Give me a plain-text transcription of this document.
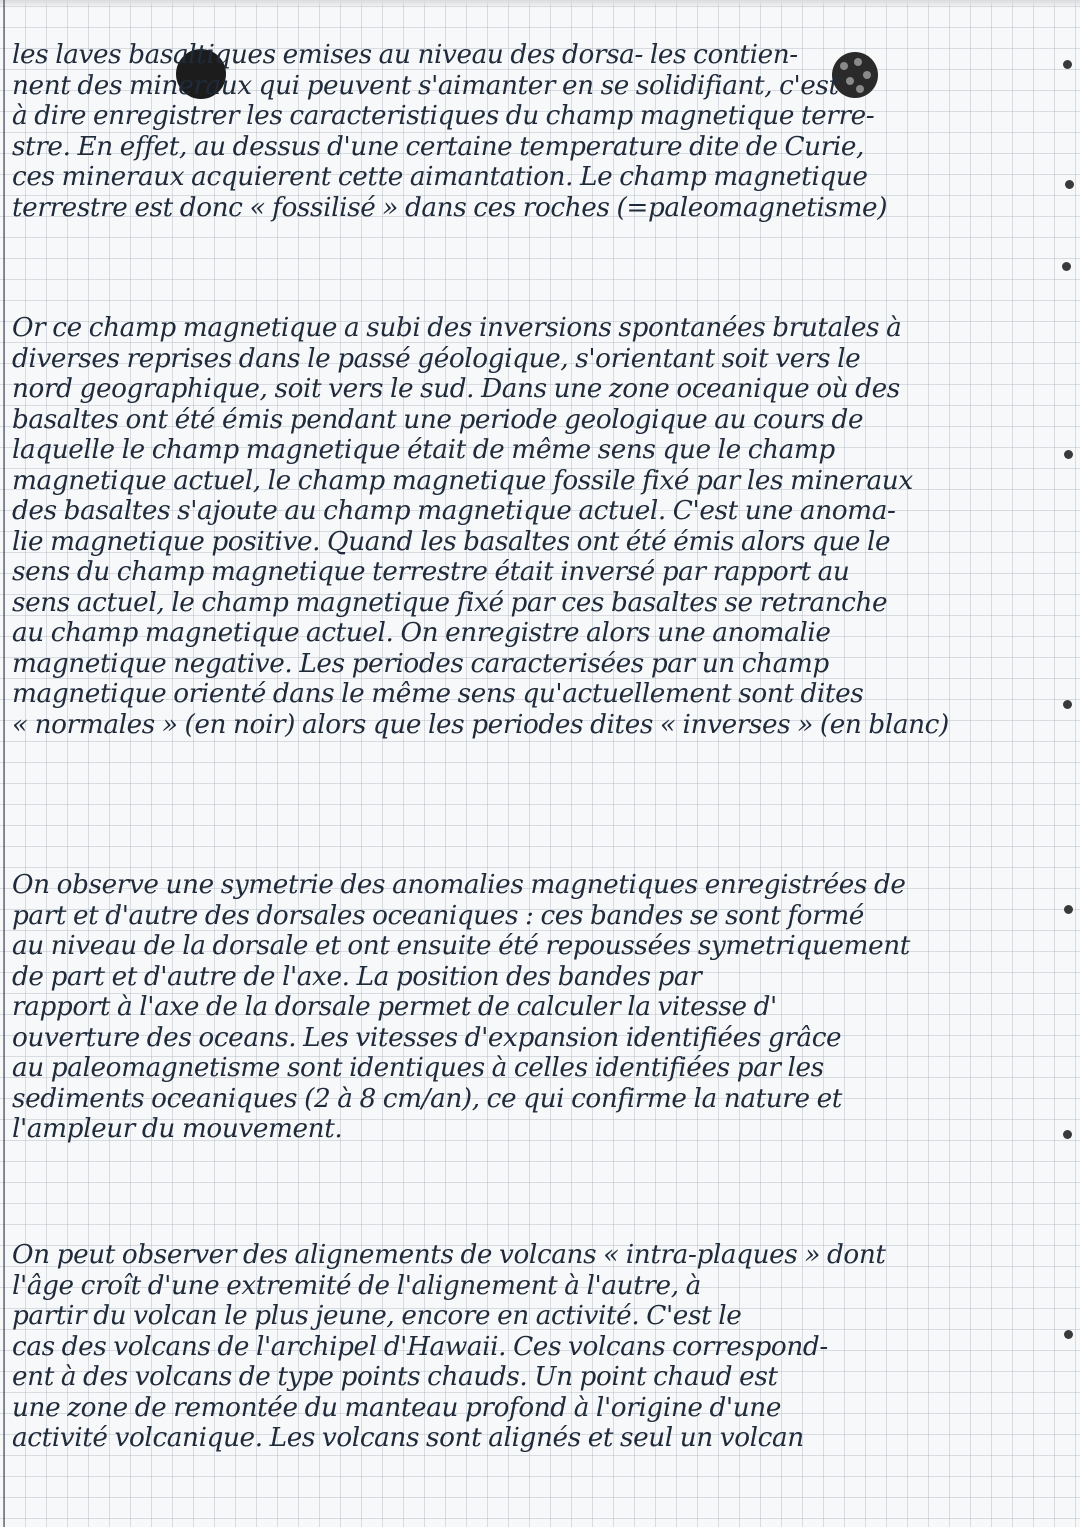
les laves basaltiques emises au niveau des dorsa- les contien-
nent des mineraux qui peuvent s'aimanter en se solidifiant, c'est
à dire enregistrer les caracteristiques du champ magnetique terre-
stre. En effet, au dessus d'une certaine temperature dite de Curie,
ces mineraux acquierent cette aimantation. Le champ magnetique
terrestre est donc « fossilisé » dans ces roches (=paleomagnetisme)
Or ce champ magnetique a subi des inversions spontanées brutales à
diverses reprises dans le passé géologique, s'orientant soit vers le
nord geographique, soit vers le sud. Dans une zone oceanique où des
basaltes ont été émis pendant une periode geologique au cours de
laquelle le champ magnetique était de même sens que le champ
magnetique actuel, le champ magnetique fossile fixé par les mineraux
des basaltes s'ajoute au champ magnetique actuel. C'est une anoma-
lie magnetique positive. Quand les basaltes ont été émis alors que le
sens du champ magnetique terrestre était inversé par rapport au
sens actuel, le champ magnetique fixé par ces basaltes se retranche
au champ magnetique actuel. On enregistre alors une anomalie
magnetique negative. Les periodes caracterisées par un champ
magnetique orienté dans le même sens qu'actuellement sont dites
« normales » (en noir) alors que les periodes dites « inverses » (en blanc)
On observe une symetrie des anomalies magnetiques enregistrées de
part et d'autre des dorsales oceaniques : ces bandes se sont formé
au niveau de la dorsale et ont ensuite été repoussées symetriquement
de part et d'autre de l'axe. La position des bandes par
rapport à l'axe de la dorsale permet de calculer la vitesse d'
ouverture des oceans. Les vitesses d'expansion identifiées grâce
au paleomagnetisme sont identiques à celles identifiées par les
sediments oceaniques (2 à 8 cm/an), ce qui confirme la nature et
l'ampleur du mouvement.
On peut observer des alignements de volcans « intra-plaques » dont
l'âge croît d'une extremité de l'alignement à l'autre, à
partir du volcan le plus jeune, encore en activité. C'est le
cas des volcans de l'archipel d'Hawaii. Ces volcans correspond-
ent à des volcans de type points chauds. Un point chaud est
une zone de remontée du manteau profond à l'origine d'une
activité volcanique. Les volcans sont alignés et seul un volcan
